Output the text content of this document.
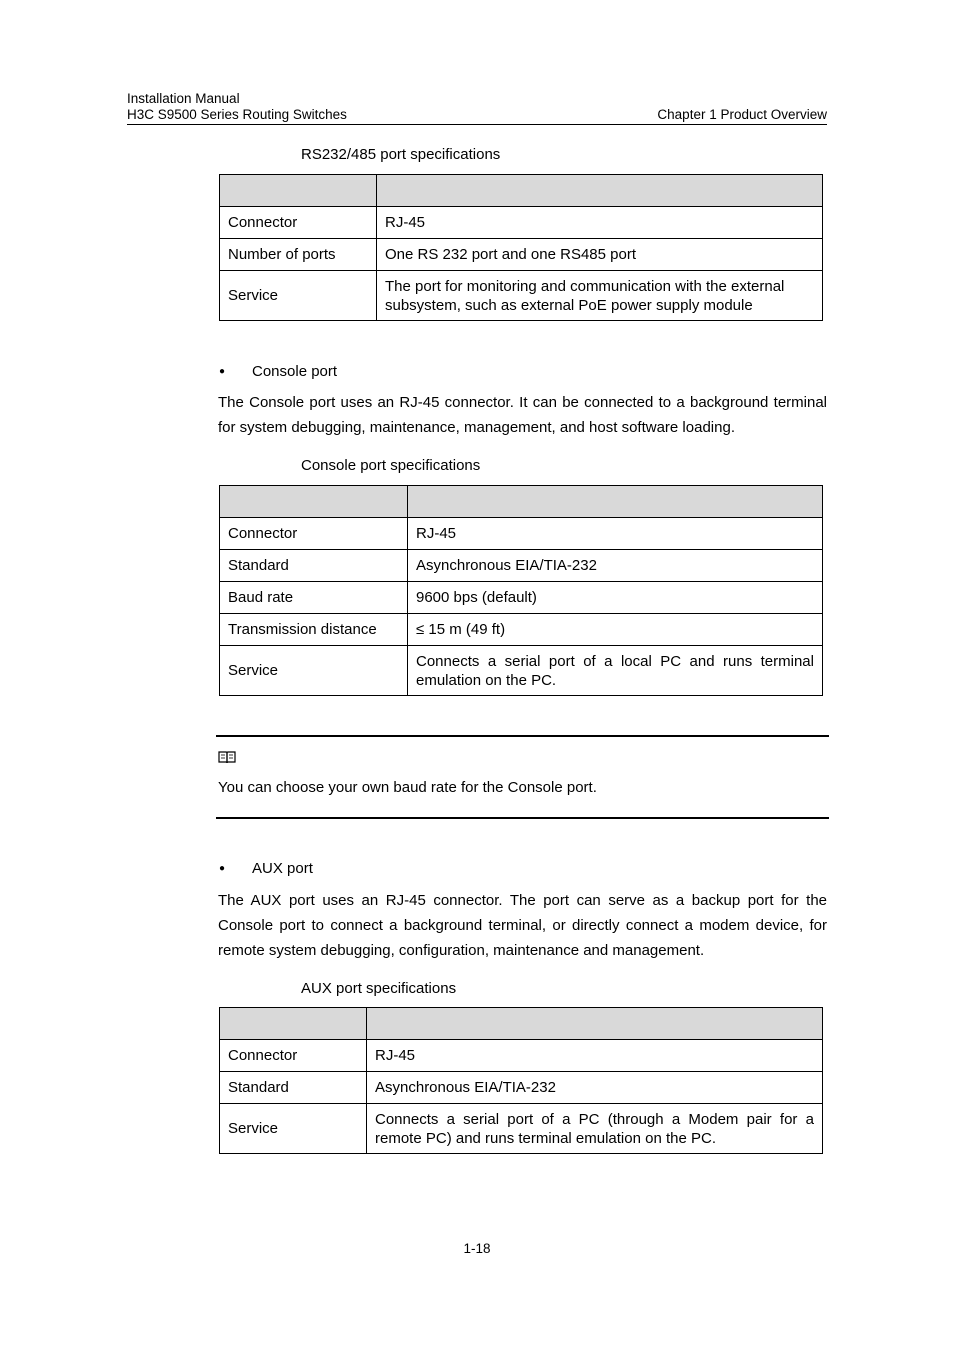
Installation Manual
H3C S9500 Series Routing Switches	Chapter 1 Product Overview
RS232/485 port specifications

Connector	RJ-45
Number of ports	One RS 232 port and one RS485 port
Service	The port for monitoring and communication with the external subsystem, such as external PoE power supply module
● Console port
The Console port uses an RJ-45 connector. It can be connected to a background terminal for system debugging, maintenance, management, and host software loading.
Console port specifications

Connector	RJ-45
Standard	Asynchronous EIA/TIA-232
Baud rate	9600 bps (default)
Transmission distance	≤ 15 m (49 ft)
Service	Connects a serial port of a local PC and runs terminal emulation on the PC.
You can choose your own baud rate for the Console port.
● AUX port
The AUX port uses an RJ-45 connector. The port can serve as a backup port for the Console port to connect a background terminal, or directly connect a modem device, for remote system debugging, configuration, maintenance and management.
AUX port specifications

Connector	RJ-45
Standard	Asynchronous EIA/TIA-232
Service	Connects a serial port of a PC (through a Modem pair for a remote PC) and runs terminal emulation on the PC.
1-18
